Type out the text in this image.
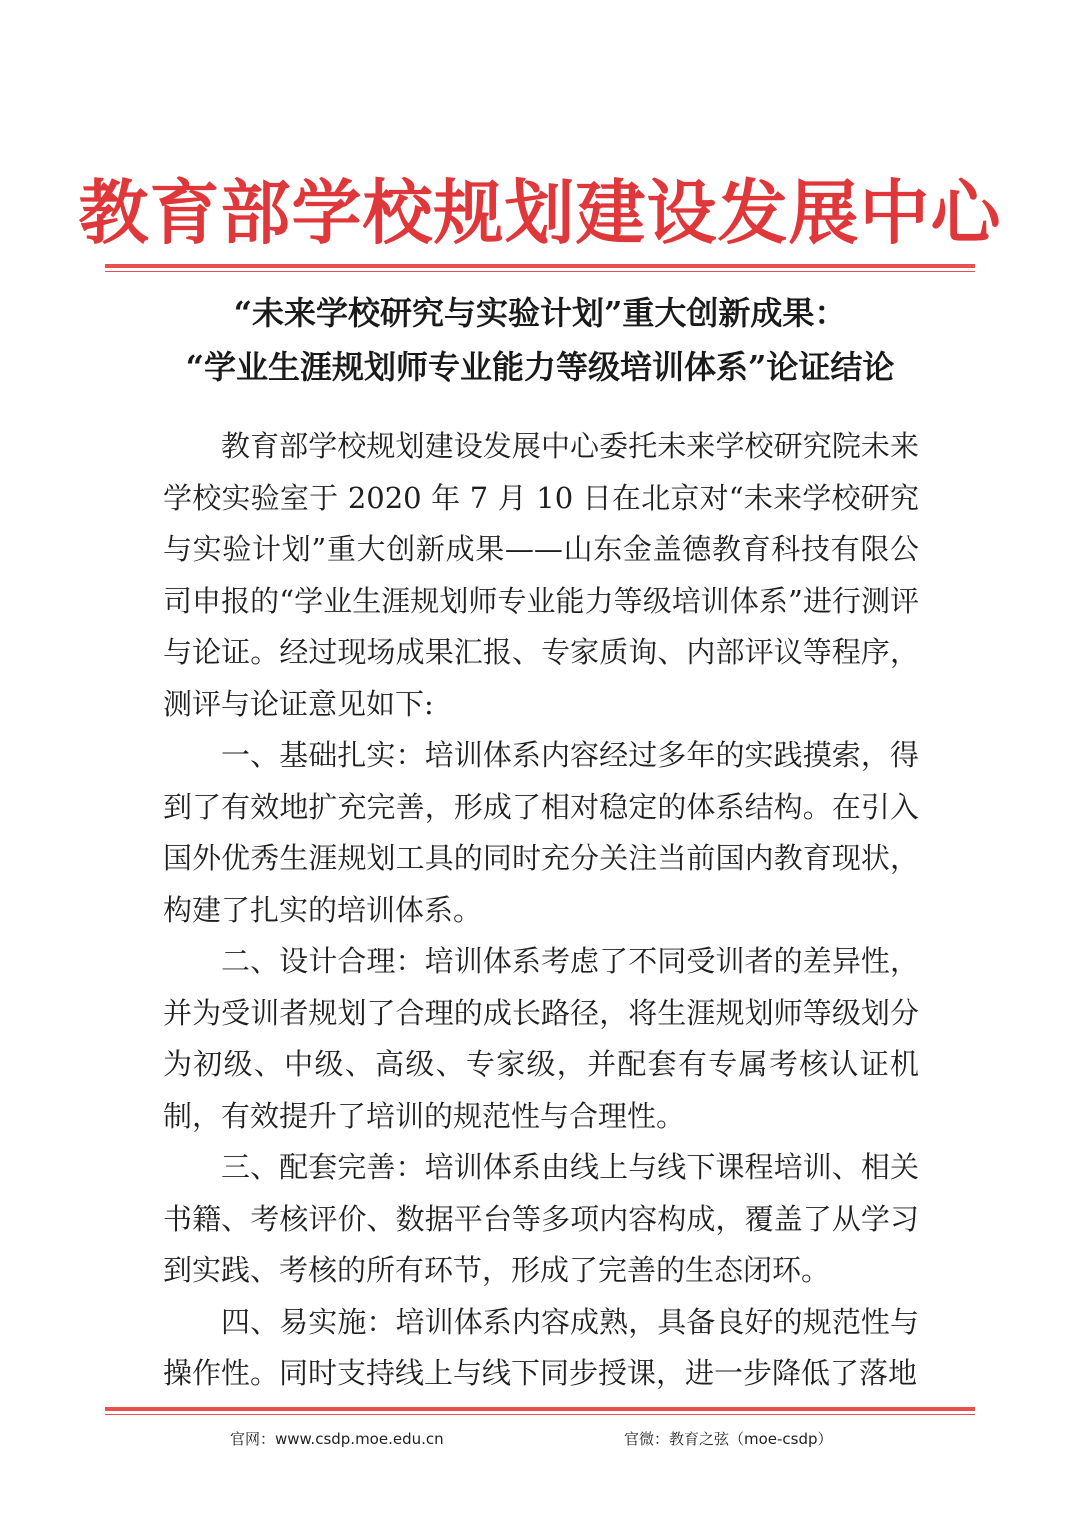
教育部学校规划建设发展中心
“未来学校研究与实验计划”重大创新成果：
“学业生涯规划师专业能力等级培训体系”论证结论

教育部学校规划建设发展中心委托未来学校研究院未来学校实验室于 2020 年 7 月 10 日在北京对“未来学校研究与实验计划”重大创新成果——山东金盖德教育科技有限公司申报的“学业生涯规划师专业能力等级培训体系”进行测评与论证。经过现场成果汇报、专家质询、内部评议等程序，测评与论证意见如下:

一、基础扎实：培训体系内容经过多年的实践摸索，得到了有效地扩充完善，形成了相对稳定的体系结构。在引入国外优秀生涯规划工具的同时充分关注当前国内教育现状，构建了扎实的培训体系。

二、设计合理：培训体系考虑了不同受训者的差异性，并为受训者规划了合理的成长路径，将生涯规划师等级划分为初级、中级、高级、专家级，并配套有专属考核认证机制，有效提升了培训的规范性与合理性。

三、配套完善：培训体系由线上与线下课程培训、相关书籍、考核评价、数据平台等多项内容构成，覆盖了从学习到实践、考核的所有环节，形成了完善的生态闭环。

四、易实施：培训体系内容成熟，具备良好的规范性与操作性。同时支持线上与线下同步授课，进一步降低了落地

官网：www.csdp.moe.edu.cn	官微：教育之弦（moe-csdp）
